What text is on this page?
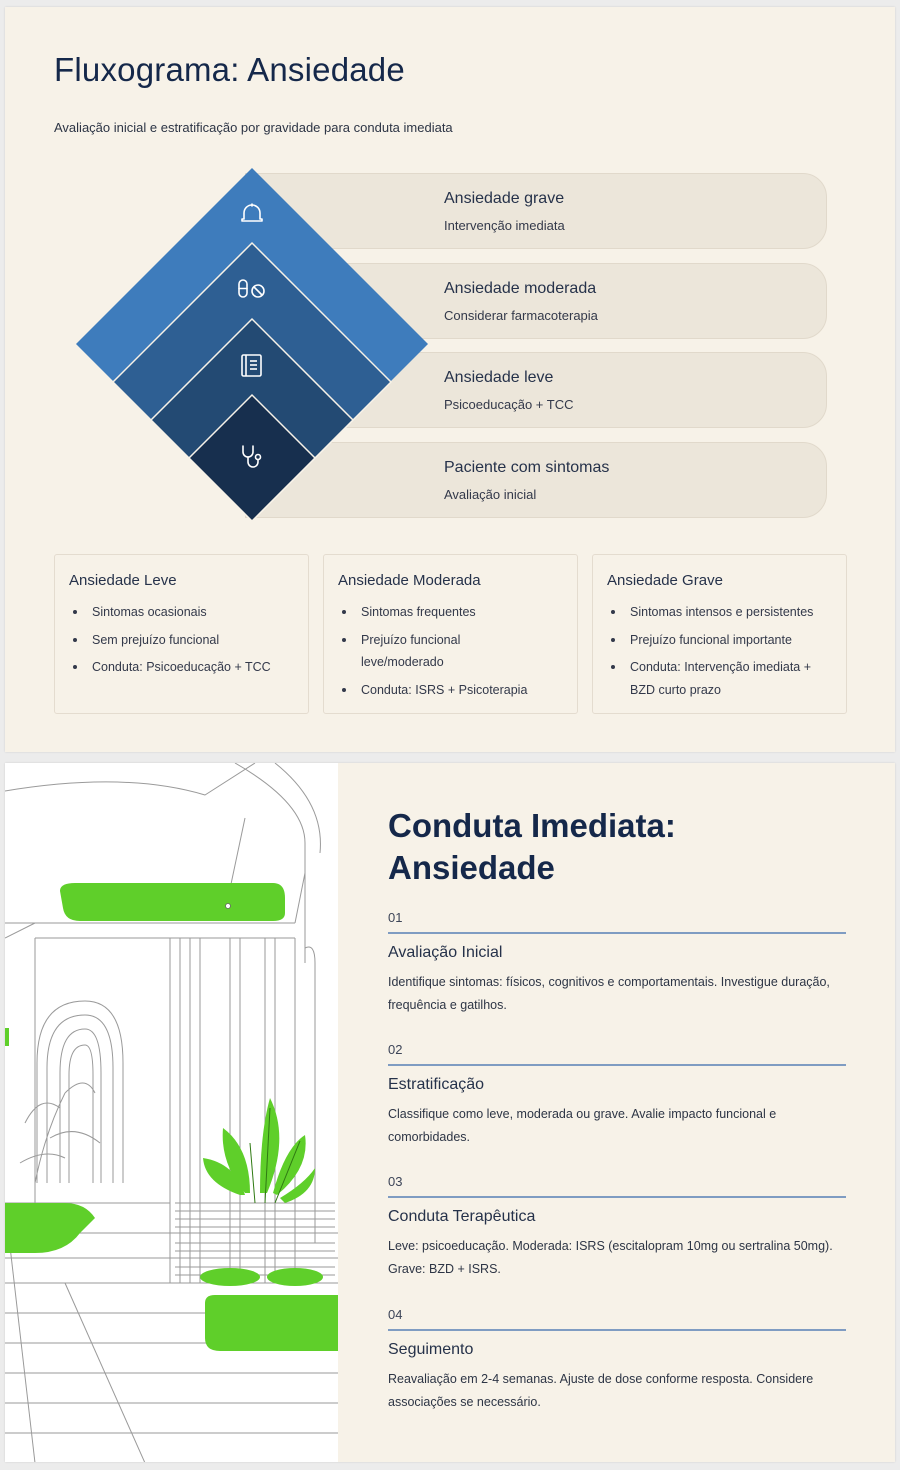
Fluxograma: Ansiedade

Avaliação inicial e estratificação por gravidade para conduta imediata

Ansiedade grave
Intervenção imediata
Ansiedade moderada
Considerar farmacoterapia
Ansiedade leve
Psicoeducação + TCC
Paciente com sintomas
Avaliação inicial
Ansiedade Leve
Sintomas ocasionais
Sem prejuízo funcional
Conduta: Psicoeducação + TCC
Ansiedade Moderada
Sintomas frequentes
Prejuízo funcional leve/moderado
Conduta: ISRS + Psicoterapia
Ansiedade Grave
Sintomas intensos e persistentes
Prejuízo funcional importante
Conduta: Intervenção imediata + BZD curto prazo
Conduta Imediata: Ansiedade
01
Avaliação Inicial
Identifique sintomas: físicos, cognitivos e comportamentais. Investigue duração, frequência e gatilhos.
02
Estratificação
Classifique como leve, moderada ou grave. Avalie impacto funcional e comorbidades.
03
Conduta Terapêutica
Leve: psicoeducação. Moderada: ISRS (escitalopram 10mg ou sertralina 50mg). Grave: BZD + ISRS.
04
Seguimento
Reavaliação em 2-4 semanas. Ajuste de dose conforme resposta. Considere associações se necessário.
